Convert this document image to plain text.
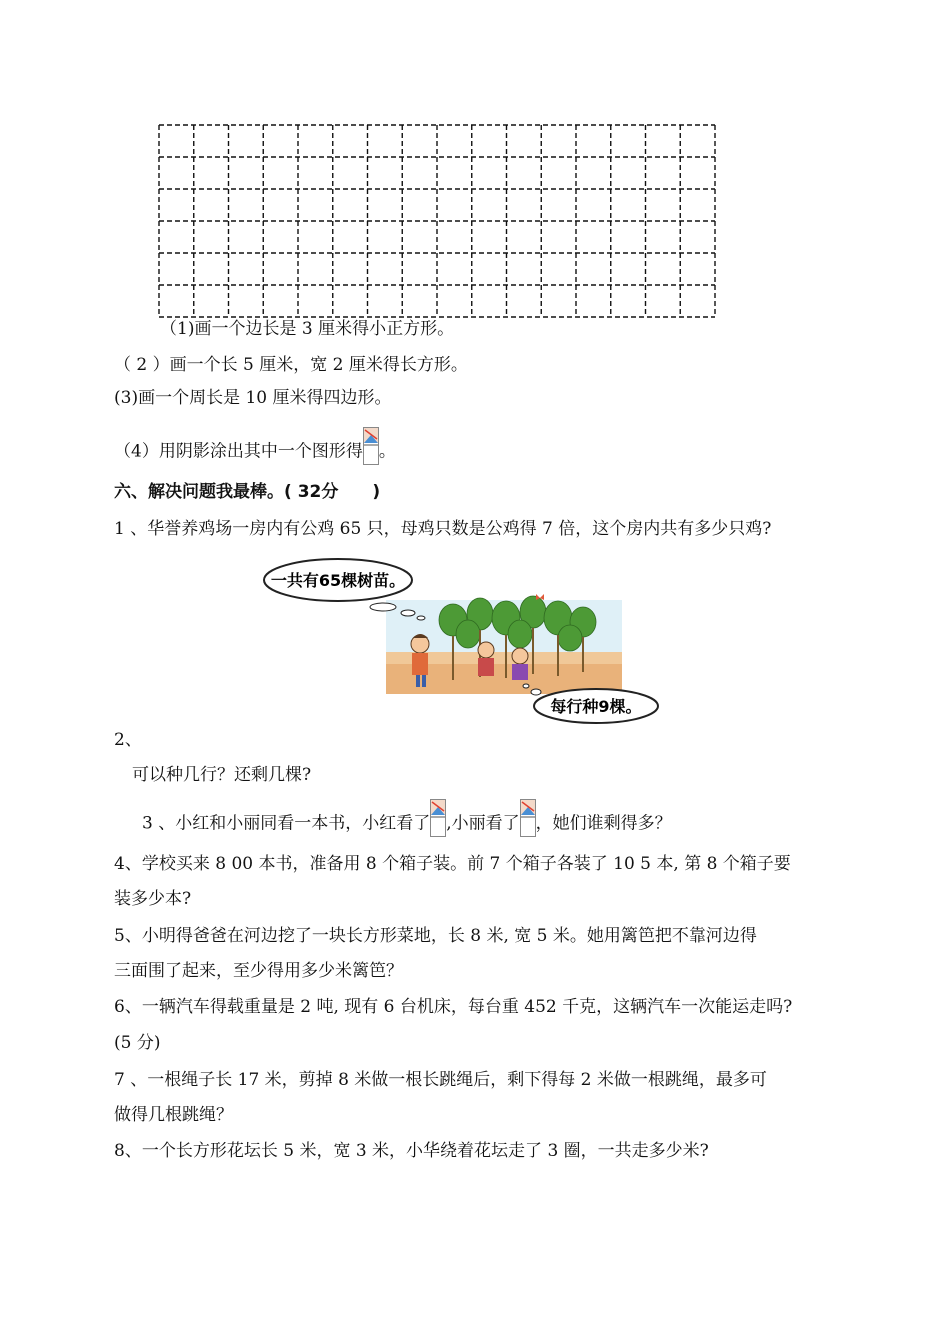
（1)画一个边长是 3 厘米得小正方形。
（ 2 ）画一个长 5 厘米，宽 2 厘米得长方形。
(3)画一个周长是 10 厘米得四边形。
（4）用阴影涂出其中一个图形得 。
六、解决问题我最棒。( 32分　　)
1 、华誉养鸡场一房内有公鸡 65 只，母鸡只数是公鸡得 7 倍，这个房内共有多少只鸡?
一共有65棵树苗。
每行种9棵。
2、
可以种几行？还剩几棵?
3 、小红和小丽同看一本书，小红看了 ,小丽看了 ，她们谁剩得多？
4、学校买来 8 00 本书，准备用 8 个箱子装。前 7 个箱子各装了 10 5 本, 第 8 个箱子要
装多少本?
5、小明得爸爸在河边挖了一块长方形菜地，长 8 米, 宽 5 米。她用篱笆把不靠河边得
三面围了起来，至少得用多少米篱笆？
6、一辆汽车得载重量是 2 吨, 现有 6 台机床，每台重 452 千克，这辆汽车一次能运走吗?
(5 分)
7 、一根绳子长 17 米，剪掉 8 米做一根长跳绳后，剩下得每 2 米做一根跳绳，最多可
做得几根跳绳？
8、一个长方形花坛长 5 米，宽 3 米，小华绕着花坛走了 3 圈，一共走多少米?
